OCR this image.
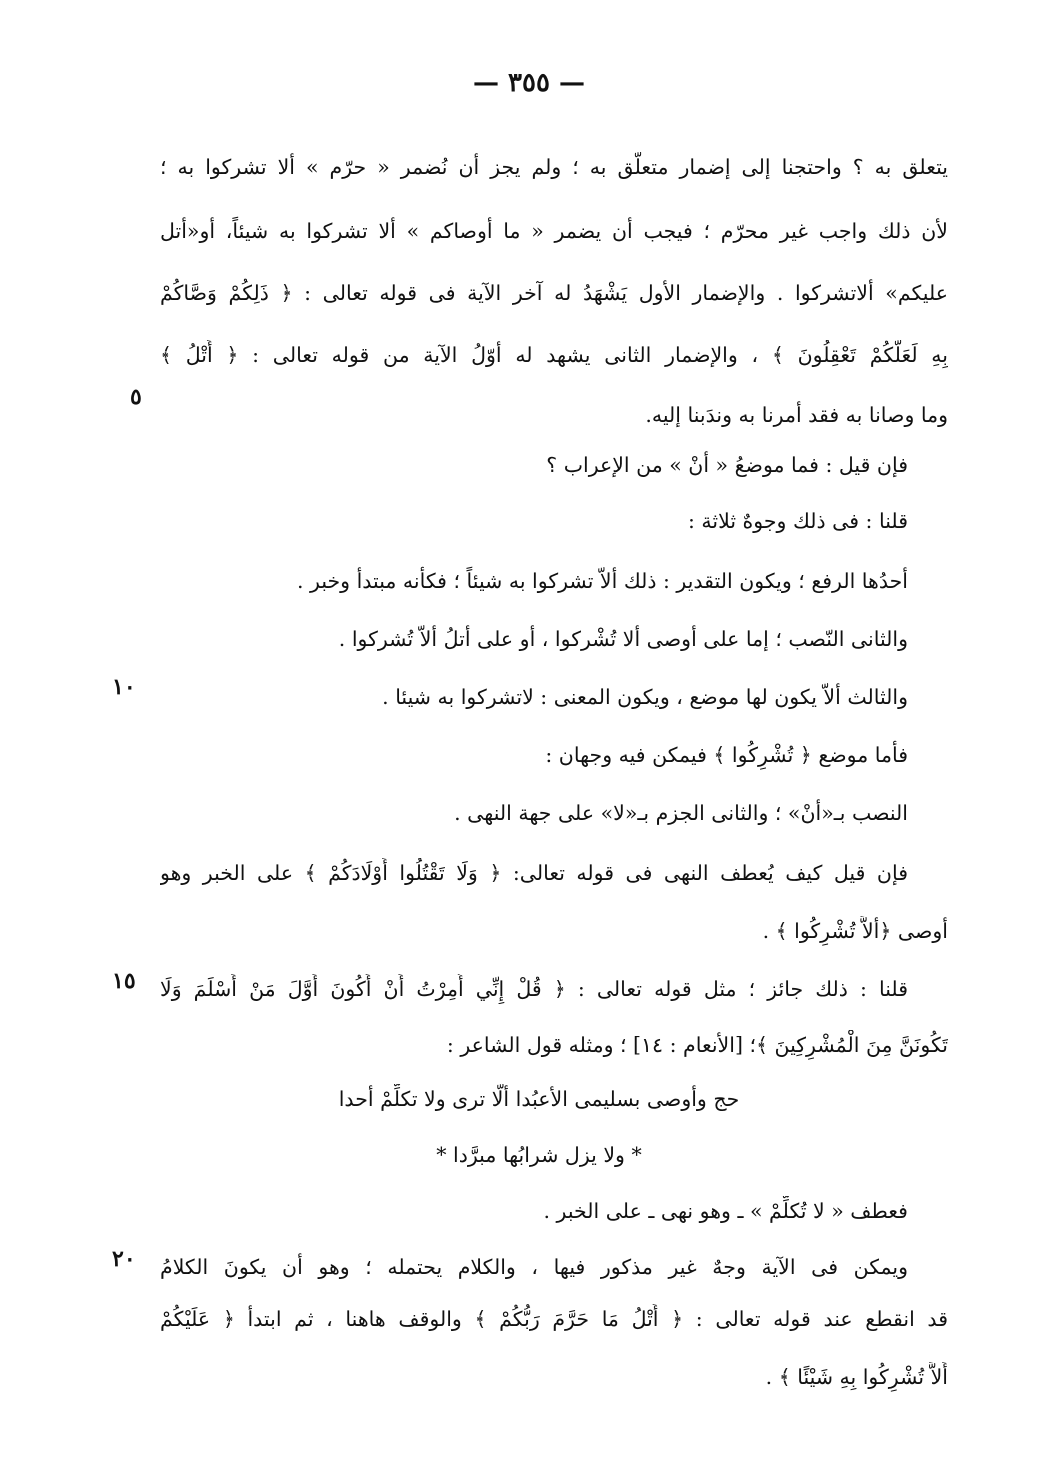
— ٣٥٥ —
يتعلق به ؟ واحتجنا إلى إضمار متعلّق به ؛ ولم يجز أن نُضمر « حرّم » ألا تشركوا به ؛
لأن ذلك واجب غير محرّم ؛ فيجب أن يضمر « ما أوصاكم » ألا تشركوا به شيئاً، أو«أتل
عليكم» ألاتشركوا . والإضمار الأول يَشْهَدُ له آخر الآية فى قوله تعالى : ﴿ ذَلِكُمْ وَصَّاكُمْ
بِهِ لَعَلَّكُمْ تَعْقِلُونَ ﴾ ، والإضمار الثانى يشهد له أوّلُ الآية من قوله تعالى : ﴿ أَتْلُ ﴾
وما وصانا به فقد أمرنا به وندَبنا إليه.
٥
فإن قيل : فما موضعُ « أنْ » من الإعراب ؟
قلنا : فى ذلك وجوهٌ ثلاثة :
أحدُها الرفع ؛ ويكون التقدير : ذلك ألاّ تشركوا به شيئاً ؛ فكأنه مبتدأ وخبر .
والثانى النّصب ؛ إما على أوصى ألا تُشْركوا ، أو على أتلُ ألاّ تُشركوا .
والثالث ألاّ يكون لها موضع ، ويكون المعنى : لاتشركوا به شيئا .
١٠
فأما موضع ﴿ تُشْرِكُوا ﴾ فيمكن فيه وجهان :
النصب بـ«أنْ» ؛ والثانى الجزم بـ«لا» على جهة النهى .
فإن قيل كيف يُعطف النهى فى قوله تعالى: ﴿ وَلَا تَقْتُلُوا أَوْلَادَكُمْ ﴾ على الخبر وهو
أوصى ﴿ألاَّ تُشْرِكُوا ﴾ .
قلنا : ذلك جائز ؛ مثل قوله تعالى : ﴿ قُلْ إِنِّي أُمِرْتُ أَنْ أَكُونَ أَوَّلَ مَنْ أَسْلَمَ وَلَا
١٥
تَكُونَنَّ مِنَ الْمُشْرِكِينَ ﴾؛ [الأنعام : ١٤] ؛ ومثله قول الشاعر :
حج وأوصى بسليمى الأعبُدا ألّا ترى ولا تكلِّمْ أحدا
* ولا يزل شرابُها مبرَّدا *
فعطف « لا تُكلِّمْ » ـ وهو نهى ـ على الخبر .
ويمكن فى الآية وجهٌ غير مذكور فيها ، والكلام يحتمله ؛ وهو أن يكونَ الكلامُ
٢٠
قد انقطع عند قوله تعالى : ﴿ أَتْلُ مَا حَرَّمَ رَبُّكُمْ ﴾ والوقف هاهنا ، ثم ابتدأ ﴿ عَلَيْكُمْ
أَلاَّ تُشْرِكُوا بِهِ شَيْئًا ﴾ .
